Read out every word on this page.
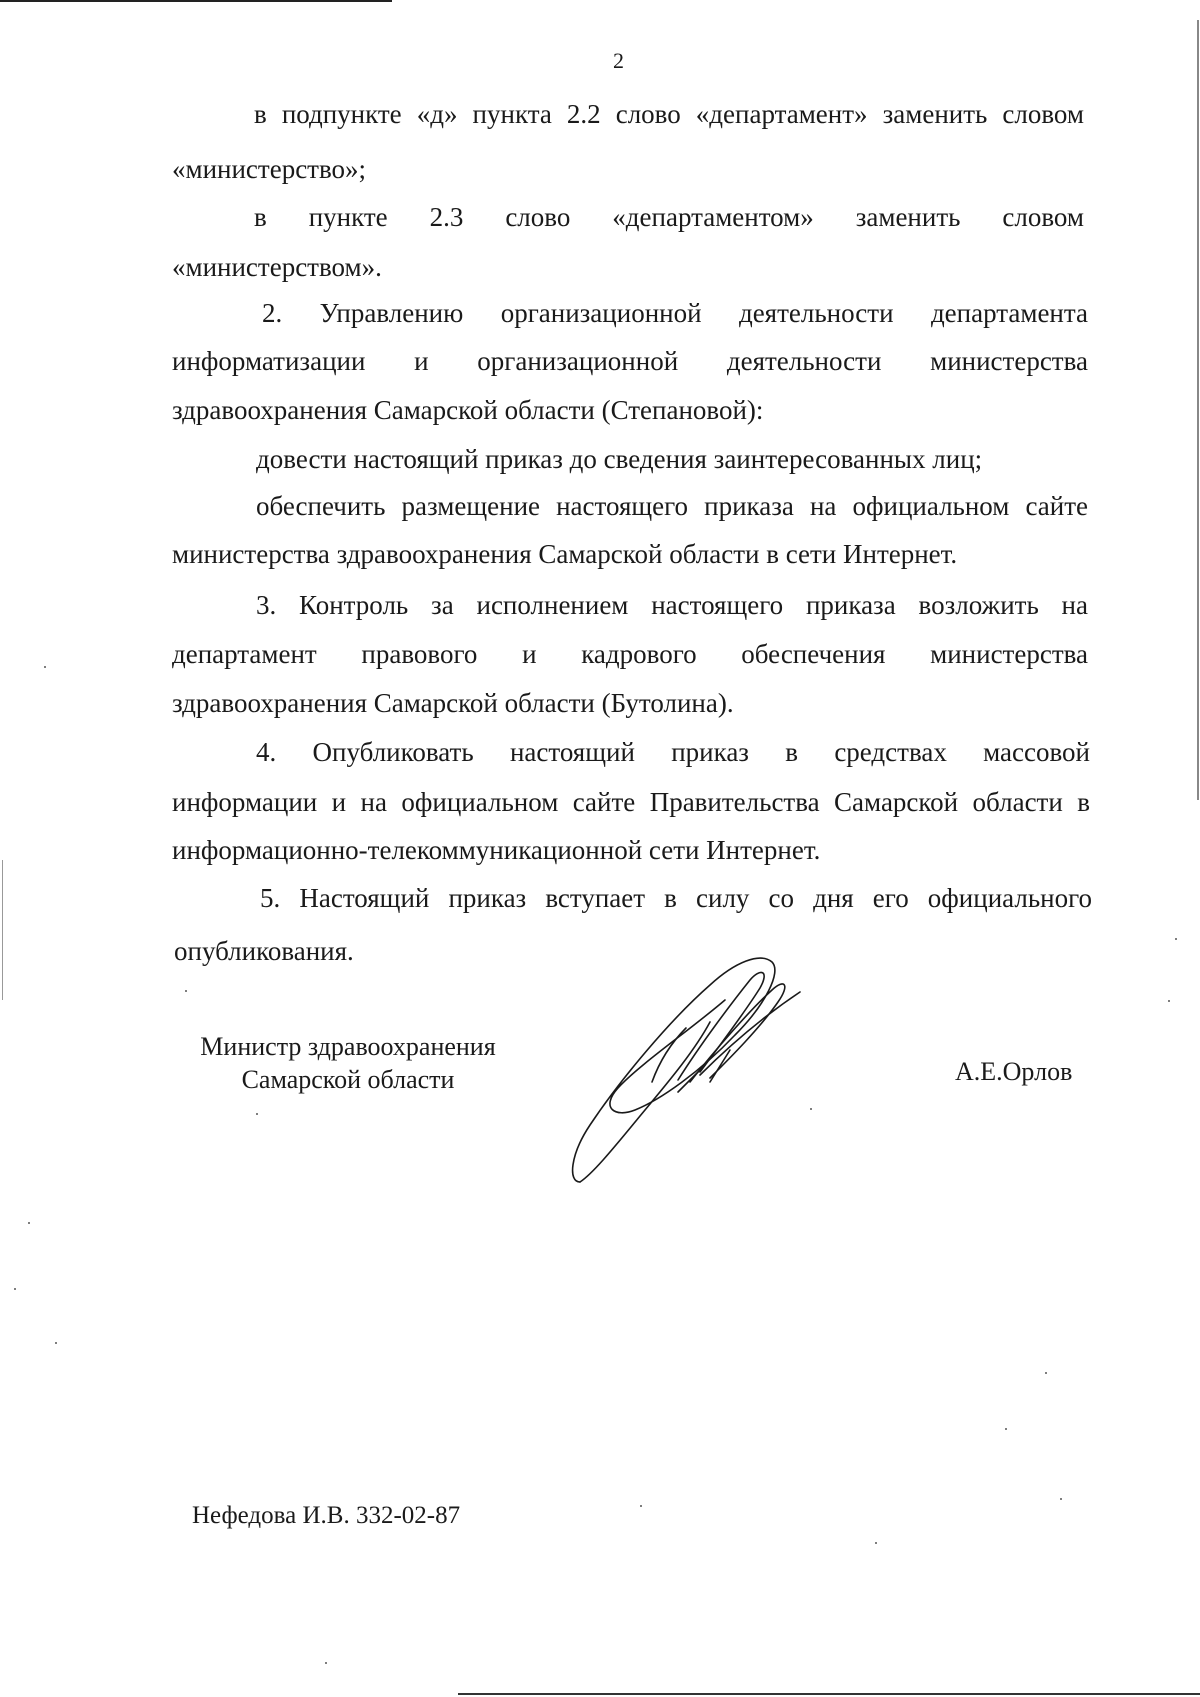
2
в подпункте «д» пункта 2.2 слово «департамент» заменить словом
«министерство»;
в пункте 2.3 слово «департаментом» заменить словом
«министерством».
2. Управлению организационной деятельности департамента
информатизации и организационной деятельности министерства
здравоохранения Самарской области (Степановой):
довести настоящий приказ до сведения заинтересованных лиц;
обеспечить размещение настоящего приказа на официальном сайте
министерства здравоохранения Самарской области в сети Интернет.
3. Контроль за исполнением настоящего приказа возложить на
департамент правового и кадрового обеспечения министерства
здравоохранения Самарской области (Бутолина).
4. Опубликовать настоящий приказ в средствах массовой
информации и на официальном сайте Правительства Самарской области в
информационно-телекоммуникационной сети Интернет.
5. Настоящий приказ вступает в силу со дня его официального
опубликования.
Министр здравоохранения
Самарской области	А.Е.Орлов
Нефедова И.В. 332-02-87
